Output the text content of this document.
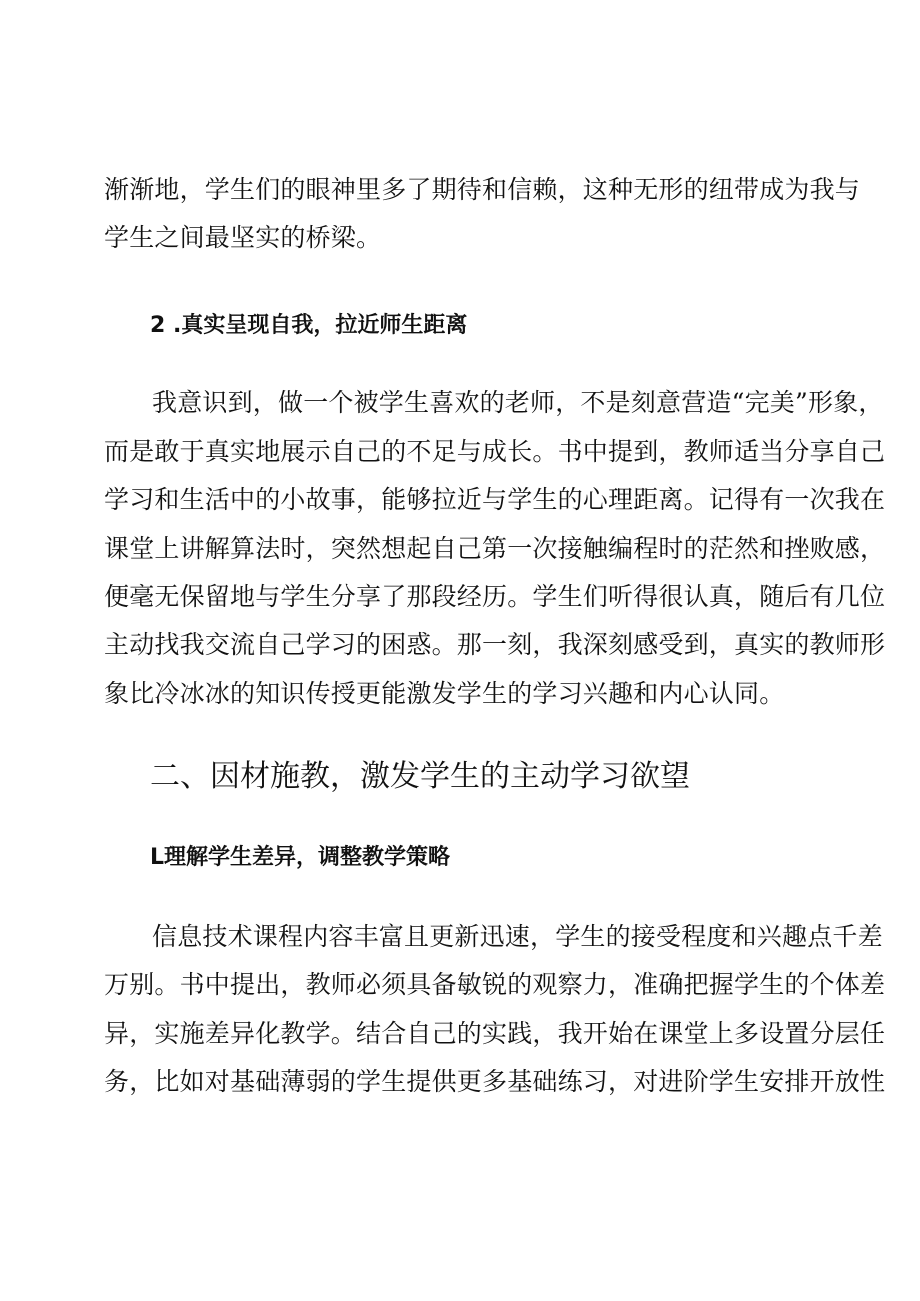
渐渐地，学生们的眼神里多了期待和信赖，这种无形的纽带成为我与

学生之间最坚实的桥梁。

2 .真实呈现自我，拉近师生距离

我意识到，做一个被学生喜欢的老师，不是刻意营造“完美”形象，

而是敢于真实地展示自己的不足与成长。书中提到，教师适当分享自己

学习和生活中的小故事，能够拉近与学生的心理距离。记得有一次我在

课堂上讲解算法时，突然想起自己第一次接触编程时的茫然和挫败感，

便毫无保留地与学生分享了那段经历。学生们听得很认真，随后有几位

主动找我交流自己学习的困惑。那一刻，我深刻感受到，真实的教师形

象比冷冰冰的知识传授更能激发学生的学习兴趣和内心认同。

二、因材施教，激发学生的主动学习欲望
L理解学生差异，调整教学策略

信息技术课程内容丰富且更新迅速，学生的接受程度和兴趣点千差

万别。书中提出，教师必须具备敏锐的观察力，准确把握学生的个体差

异，实施差异化教学。结合自己的实践，我开始在课堂上多设置分层任

务，比如对基础薄弱的学生提供更多基础练习，对进阶学生安排开放性
